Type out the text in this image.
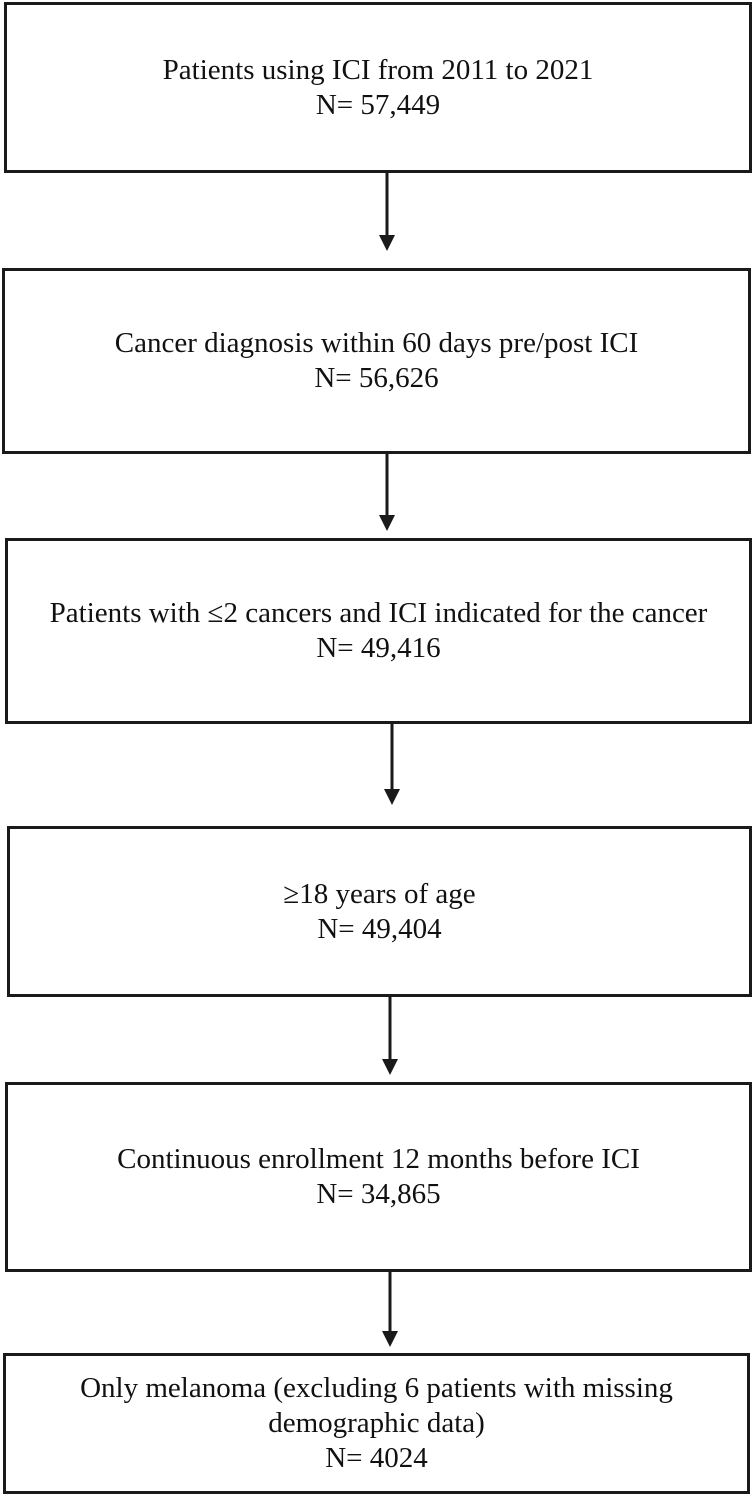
Patients using ICI from 2011 to 2021
N= 57,449
Cancer diagnosis within 60 days pre/post ICI
N= 56,626
Patients with ≤2 cancers and ICI indicated for the cancer
N= 49,416
≥18 years of age
N= 49,404
Continuous enrollment 12 months before ICI
N= 34,865
Only melanoma (excluding 6 patients with missing demographic data)
N= 4024
